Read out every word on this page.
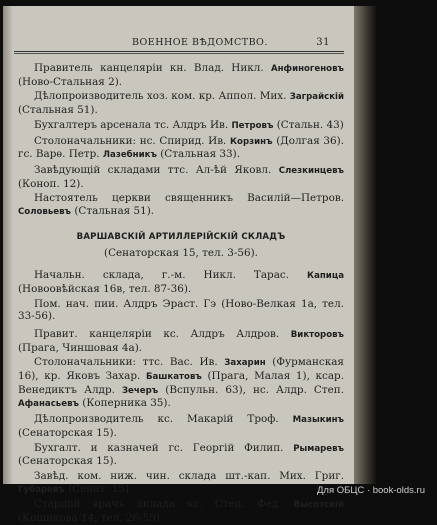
ВОЕННОЕ ВѢДОМСТВО.	31

Правитель канцеляріи кн. Влад. Никл. Анфиногеновъ (Ново-Стальная 2).

Дѣлопроизводитель хоз. ком. кр. Аппол. Мих. Заграйскій (Стальная 51).

Бухгалтеръ арсенала тс. Алдръ Ив. Петровъ (Стальн. 43)

Столоначальники: нс. Спирид. Ив. Корзинъ (Долгая 36). гс. Варѳ. Петр. Лазебникъ (Стальная 33).

Завѣдующій складами ттс. Ал-ѣй Яковл. Слезкинцевъ (Коноп. 12).

Настоятель церкви священникъ Василій—Петров. Соловьевъ (Стальная 51).

ВАРШАВСКІЙ АРТИЛЛЕРІЙСКІЙ СКЛАДЪ
(Сенаторская 15, тел. 3-56).

Начальн. склада, г.-м. Никл. Тарас. Капица (Новоовѣйская 16в, тел. 87-36).

Пом. нач. пии. Алдръ Эраст. Гэ (Ново-Велкая 1а, тел. 33-56).

Правит. канцеляріи кс. Алдръ Алдров. Викторовъ (Прага, Чиншовая 4а).

Столоначальники: ттс. Вас. Ив. Захарин (Фурманская 16), кр. Яковъ Захар. Башкатовъ (Прага, Малая 1), ксар. Венедиктъ Алдр. Зечеръ (Вспульн. 63), нс. Алдр. Степ. Афанасьевъ (Коперника 35).

Дѣлопроизводитель кс. Макарій Троф. Мазыкинъ (Сенаторская 15).

Бухгалт. и казначей гс. Георгій Филип. Рымаревъ (Сенаторская 15).

Завѣд. ком. ниж. чин. склада шт.-кап. Мих. Григ. Губаревъ (Сенат. 15).

Старшій врачъ склада кс. Степ. Фед. Высотскій (Кошикова 14, тел. 26-59).

Для ОБЦС · book-olds.ru
